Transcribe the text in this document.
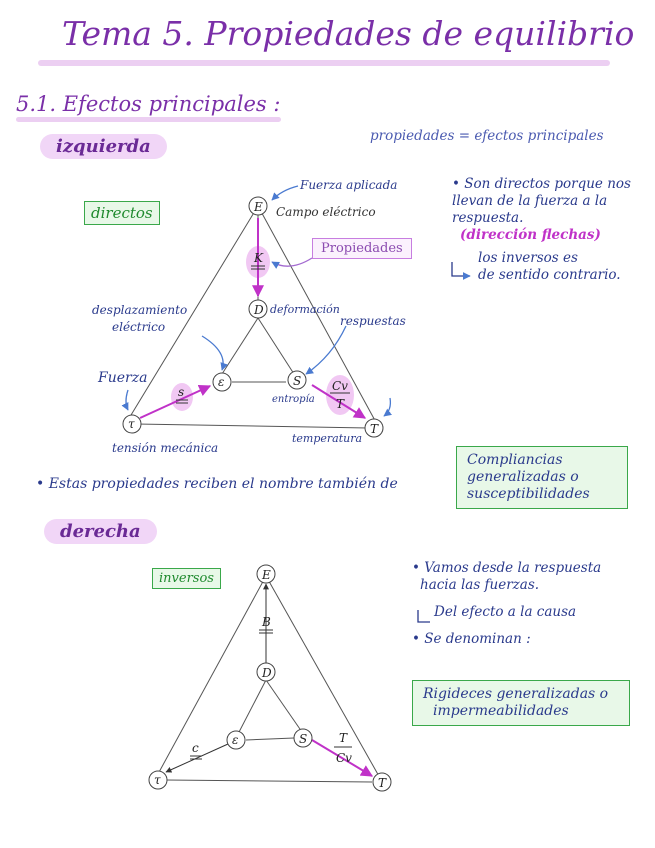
Tema 5. Propiedades de equilibrio
5.1. Efectos principales :
izquierda	propiedades = efectos principales
E
D
ε	S
τ	T
K
s	Cv
T
E
D
ε	S
τ	T
B
c
T
Cv
directos
Propiedades
Fuerza aplicada
Campo eléctrico
deformación
desplazamiento
eléctrico	respuestas
Fuerza
entropía
tensión mecánica
temperatura
• Son directos porque nos
llevan de la fuerza a la
respuesta.
(dirección flechas)
los inversos es
de sentido contrario.
• Estas propiedades reciben el nombre también de
Compliancias
generalizadas o
susceptibilidades
derecha
inversos
• Vamos desde la respuesta
hacia las fuerzas.
Del efecto a la causa
• Se denominan :
Rigideces generalizadas o
impermeabilidades
